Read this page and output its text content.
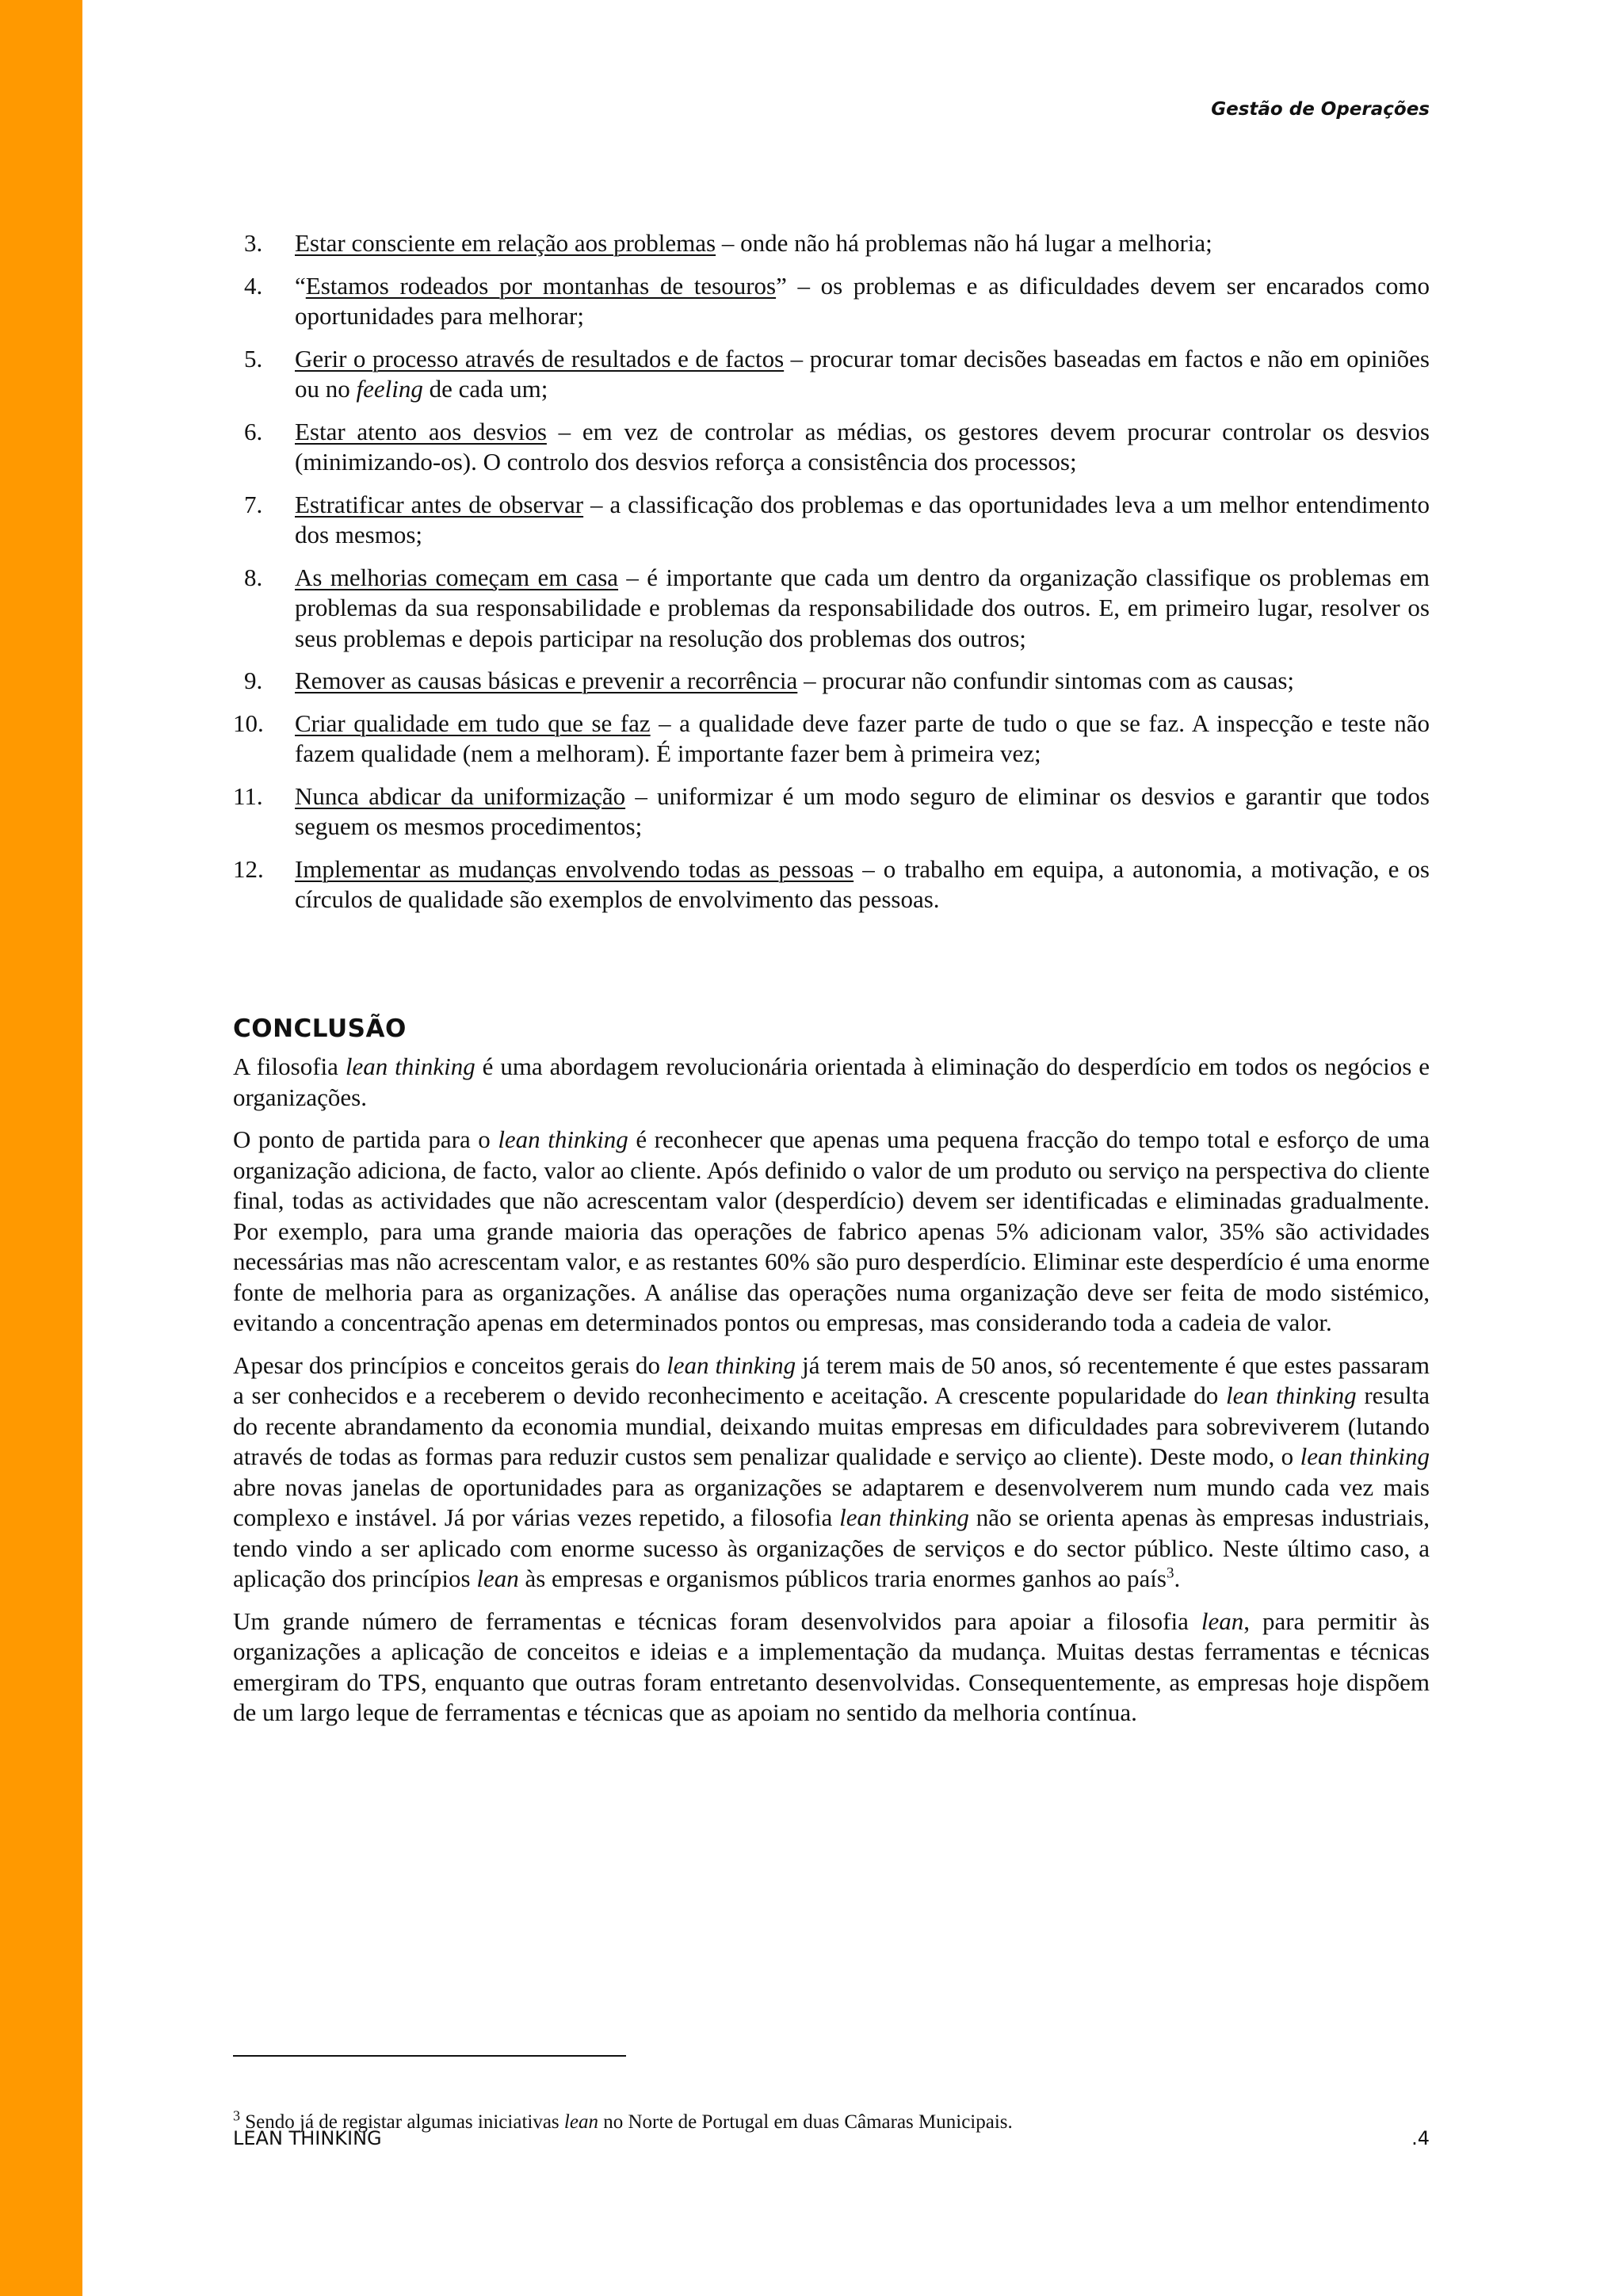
Gestão de Operações
3. Estar consciente em relação aos problemas – onde não há problemas não há lugar a melhoria;
4. “Estamos rodeados por montanhas de tesouros” – os problemas e as dificuldades devem ser encarados como oportunidades para melhorar;
5. Gerir o processo através de resultados e de factos – procurar tomar decisões baseadas em factos e não em opiniões ou no feeling de cada um;
6. Estar atento aos desvios – em vez de controlar as médias, os gestores devem procurar controlar os desvios (minimizando-os). O controlo dos desvios reforça a consistência dos processos;
7. Estratificar antes de observar – a classificação dos problemas e das oportunidades leva a um melhor entendimento dos mesmos;
8. As melhorias começam em casa – é importante que cada um dentro da organização classifique os problemas em problemas da sua responsabilidade e problemas da responsabilidade dos outros. E, em primeiro lugar, resolver os seus problemas e depois participar na resolução dos problemas dos outros;
9. Remover as causas básicas e prevenir a recorrência – procurar não confundir sintomas com as causas;
10. Criar qualidade em tudo que se faz – a qualidade deve fazer parte de tudo o que se faz. A inspecção e teste não fazem qualidade (nem a melhoram). É importante fazer bem à primeira vez;
11. Nunca abdicar da uniformização – uniformizar é um modo seguro de eliminar os desvios e garantir que todos seguem os mesmos procedimentos;
12. Implementar as mudanças envolvendo todas as pessoas – o trabalho em equipa, a autonomia, a motivação, e os círculos de qualidade são exemplos de envolvimento das pessoas.
CONCLUSÃO

A filosofia lean thinking é uma abordagem revolucionária orientada à eliminação do desperdício em todos os negócios e organizações.

O ponto de partida para o lean thinking é reconhecer que apenas uma pequena fracção do tempo total e esforço de uma organização adiciona, de facto, valor ao cliente. Após definido o valor de um produto ou serviço na perspectiva do cliente final, todas as actividades que não acrescentam valor (desperdício) devem ser identificadas e eliminadas gradualmente. Por exemplo, para uma grande maioria das operações de fabrico apenas 5% adicionam valor, 35% são actividades necessárias mas não acrescentam valor, e as restantes 60% são puro desperdício. Eliminar este desperdício é uma enorme fonte de melhoria para as organizações. A análise das operações numa organização deve ser feita de modo sistémico, evitando a concentração apenas em determinados pontos ou empresas, mas considerando toda a cadeia de valor.

Apesar dos princípios e conceitos gerais do lean thinking já terem mais de 50 anos, só recentemente é que estes passaram a ser conhecidos e a receberem o devido reconhecimento e aceitação. A crescente popularidade do lean thinking resulta do recente abrandamento da economia mundial, deixando muitas empresas em dificuldades para sobreviverem (lutando através de todas as formas para reduzir custos sem penalizar qualidade e serviço ao cliente). Deste modo, o lean thinking abre novas janelas de oportunidades para as organizações se adaptarem e desenvolverem num mundo cada vez mais complexo e instável. Já por várias vezes repetido, a filosofia lean thinking não se orienta apenas às empresas industriais, tendo vindo a ser aplicado com enorme sucesso às organizações de serviços e do sector público. Neste último caso, a aplicação dos princípios lean às empresas e organismos públicos traria enormes ganhos ao país$^3$.

Um grande número de ferramentas e técnicas foram desenvolvidos para apoiar a filosofia lean, para permitir às organizações a aplicação de conceitos e ideias e a implementação da mudança. Muitas destas ferramentas e técnicas emergiram do TPS, enquanto que outras foram entretanto desenvolvidas. Consequentemente, as empresas hoje dispõem de um largo leque de ferramentas e técnicas que as apoiam no sentido da melhoria contínua.

$^3$ Sendo já de registar algumas iniciativas lean no Norte de Portugal em duas Câmaras Municipais.
LEAN THINKING	.4
